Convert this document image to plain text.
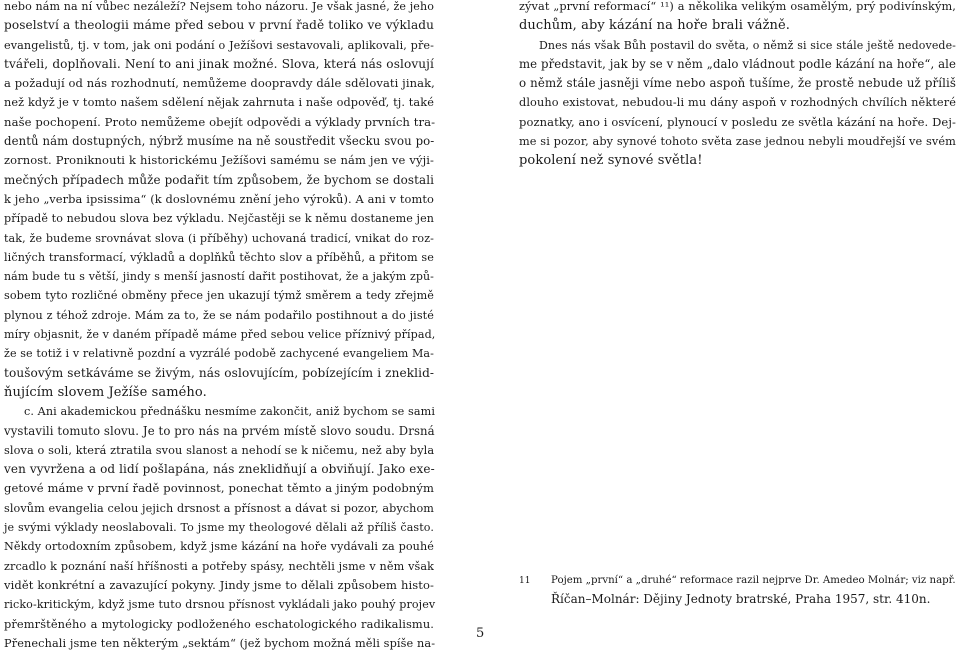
nebo nám na ní vůbec nezáleží? Nejsem toho názoru. Je však jasné, že jeho
poselství a theologii máme před sebou v první řadě toliko ve výkladu
evangelistů, tj. v tom, jak oni podání o Ježíšovi sestavovali, aplikovali, pře-
tvářeli, doplňovali. Není to ani jinak možné. Slova, která nás oslovují
a požadují od nás rozhodnutí, nemůžeme doopravdy dále sdělovati jinak,
než když je v tomto našem sdělení nějak zahrnuta i naše odpověď, tj. také
naše pochopení. Proto nemůžeme obejít odpovědi a výklady prvních tra-
dentů nám dostupných, nýbrž musíme na ně soustředit všecku svou po-
zornost. Proniknouti k historickému Ježíšovi samému se nám jen ve výji-
mečných případech může podařit tím způsobem, že bychom se dostali
k jeho „verba ipsissima“ (k doslovnému znění jeho výroků). A ani v tomto
případě to nebudou slova bez výkladu. Nejčastěji se k němu dostaneme jen
tak, že budeme srovnávat slova (i příběhy) uchovaná tradicí, vnikat do roz-
ličných transformací, výkladů a doplňků těchto slov a příběhů, a přitom se
nám bude tu s větší, jindy s menší jasností dařit postihovat, že a jakým způ-
sobem tyto rozličné obměny přece jen ukazují týmž směrem a tedy zřejmě
plynou z téhož zdroje. Mám za to, že se nám podařilo postihnout a do jisté
míry objasnit, že v daném případě máme před sebou velice příznivý případ,
že se totiž i v relativně pozdní a vyzrálé podobě zachycené evangeliem Ma-
toušovým setkáváme se živým, nás oslovujícím, pobízejícím i zneklid-
ňujícím slovem Ježíše samého.
c. Ani akademickou přednášku nesmíme zakončit, aniž bychom se sami
vystavili tomuto slovu. Je to pro nás na prvém místě slovo soudu. Drsná
slova o soli, která ztratila svou slanost a nehodí se k ničemu, než aby byla
ven vyvržena a od lidí pošlapána, nás zneklidňují a obviňují. Jako exe-
getové máme v první řadě povinnost, ponechat těmto a jiným podobným
slovům evangelia celou jejich drsnost a přísnost a dávat si pozor, abychom
je svými výklady neoslabovali. To jsme my theologové dělali až příliš často.
Někdy ortodoxním způsobem, když jsme kázání na hoře vydávali za pouhé
zrcadlo k poznání naší hříšnosti a potřeby spásy, nechtěli jsme v něm však
vidět konkrétní a zavazující pokyny. Jindy jsme to dělali způsobem histo-
ricko-kritickým, když jsme tuto drsnou přísnost vykládali jako pouhý projev
přemrštěného a mytologicky podloženého eschatologického radikalismu.
Přenechali jsme ten některým „sektám“ (jež bychom možná měli spíše na-
zývat „první reformací“ ¹¹) a několika velikým osamělým, prý podivínským,
duchům, aby kázání na hoře brali vážně.
Dnes nás však Bůh postavil do světa, o němž si sice stále ještě nedovede-
me představit, jak by se v něm „dalo vládnout podle kázání na hoře“, ale
o němž stále jasněji víme nebo aspoň tušíme, že prostě nebude už příliš
dlouho existovat, nebudou-li mu dány aspoň v rozhodných chvílích některé
poznatky, ano i osvícení, plynoucí v posledu ze světla kázání na hoře. Dej-
me si pozor, aby synové tohoto světa zase jednou nebyli moudřejší ve svém
pokolení než synové světla!
11	Pojem „první“ a „druhé“ reformace razil nejprve Dr. Amedeo Molnár; viz např.
Říčan–Molnár: Dějiny Jednoty bratrské, Praha 1957, str. 410n.
5
